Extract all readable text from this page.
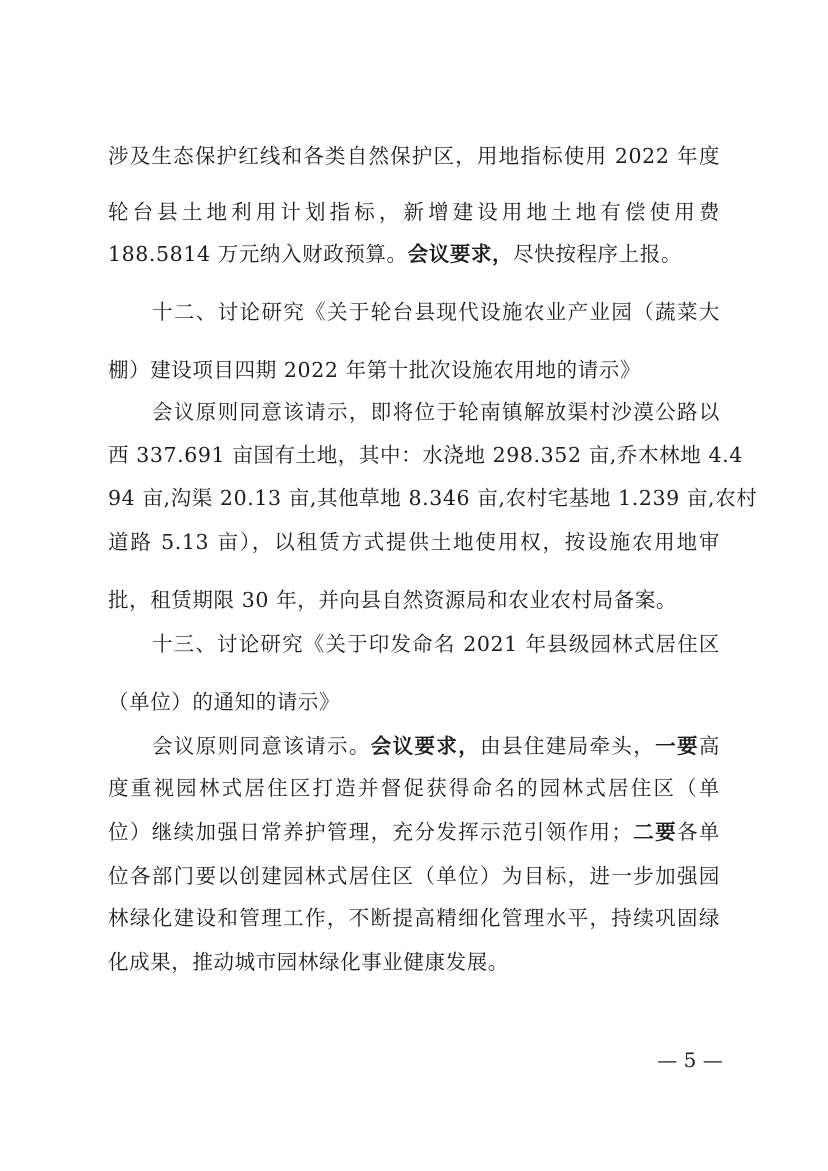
涉及生态保护红线和各类自然保护区，用地指标使用 2022 年度
轮台县土地利用计划指标，新增建设用地土地有偿使用费
188.5814 万元纳入财政预算。会议要求，尽快按程序上报。
十二、讨论研究《关于轮台县现代设施农业产业园（蔬菜大
棚）建设项目四期 2022 年第十批次设施农用地的请示》
会议原则同意该请示，即将位于轮南镇解放渠村沙漠公路以
西 337.691 亩国有土地，其中：水浇地 298.352 亩,乔木林地 4.4
94 亩,沟渠 20.13 亩,其他草地 8.346 亩,农村宅基地 1.239 亩,农村
道路 5.13 亩），以租赁方式提供土地使用权，按设施农用地审
批，租赁期限 30 年，并向县自然资源局和农业农村局备案。
十三、讨论研究《关于印发命名 2021 年县级园林式居住区
（单位）的通知的请示》
会议原则同意该请示。会议要求，由县住建局牵头，一要高
度重视园林式居住区打造并督促获得命名的园林式居住区（单
位）继续加强日常养护管理，充分发挥示范引领作用；二要各单
位各部门要以创建园林式居住区（单位）为目标，进一步加强园
林绿化建设和管理工作，不断提高精细化管理水平，持续巩固绿
化成果，推动城市园林绿化事业健康发展。
— 5 —
